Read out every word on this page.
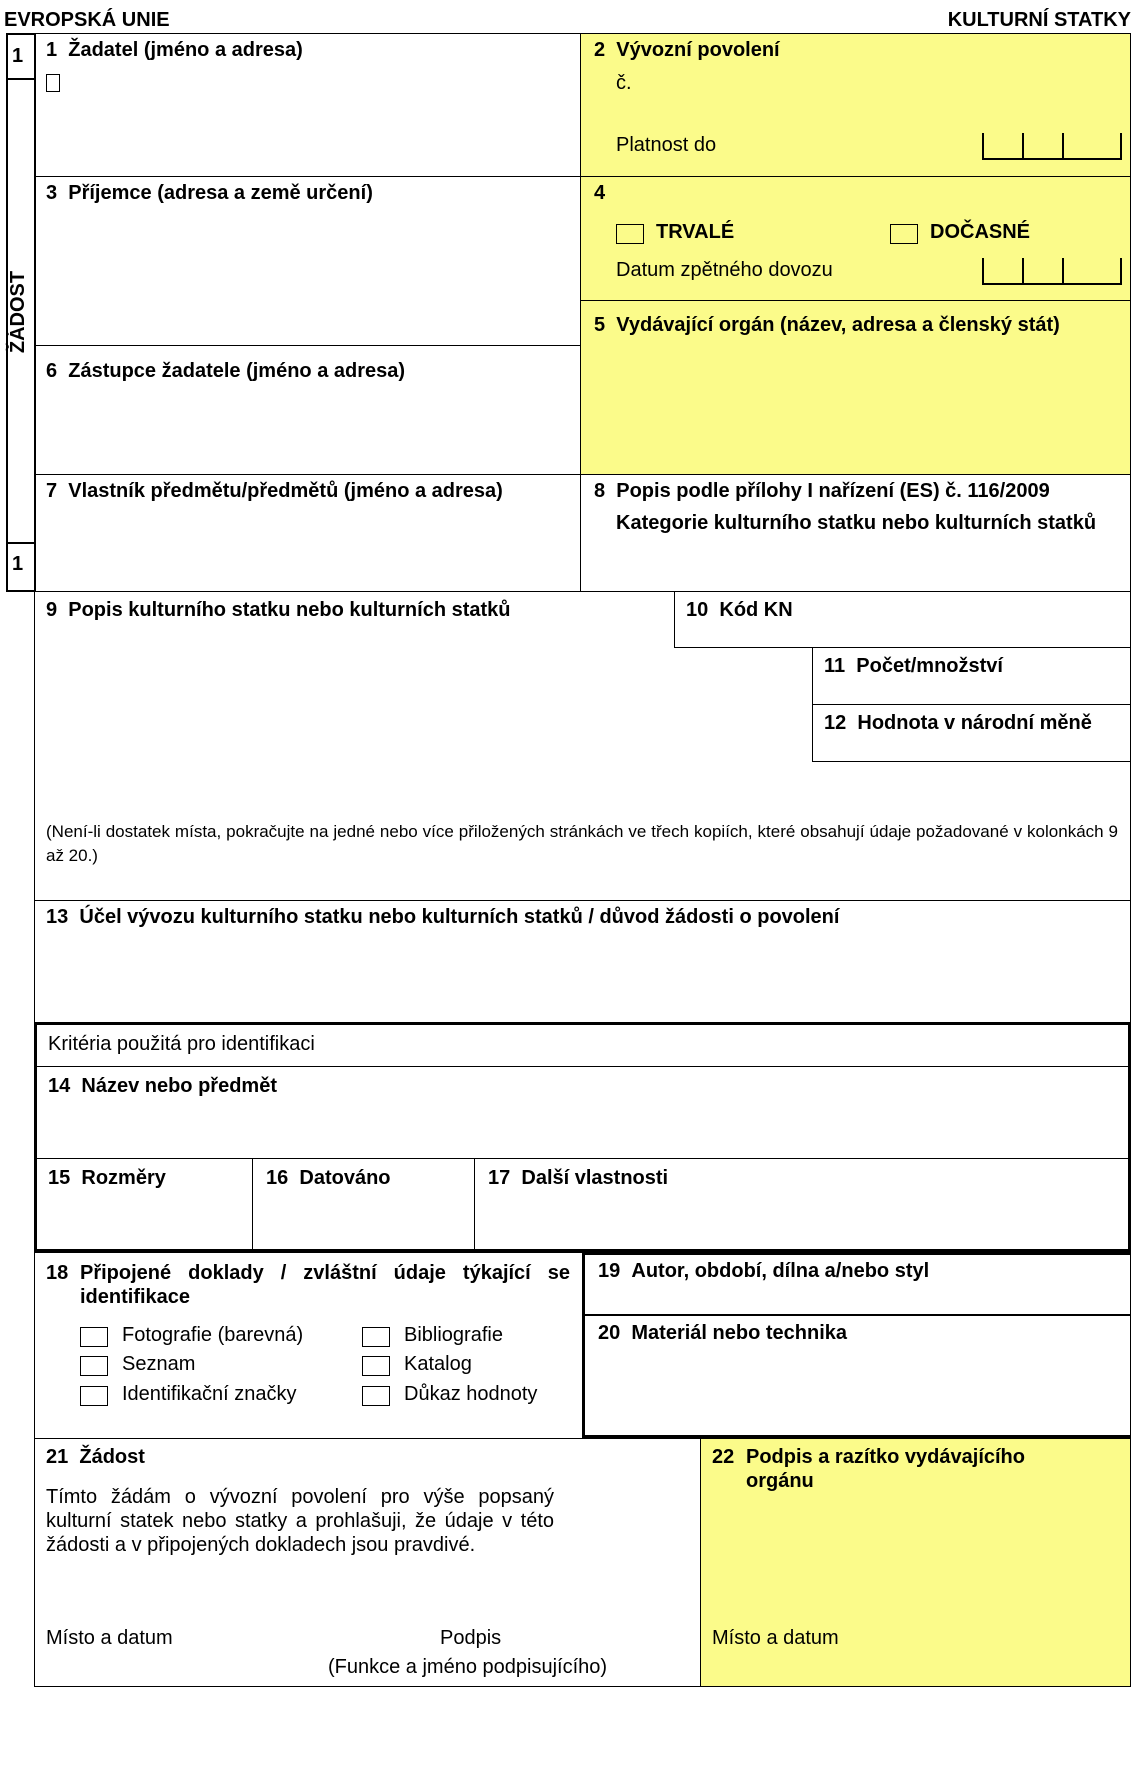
EVROPSKÁ UNIE	KULTURNÍ STATKY
1
ŽÁDOST
1
1 Žadatel (jméno a adresa)	2 Vývozní povolení
č.
Platnost do
3 Příjemce (adresa a země určení)	4
TRVALÉ	DOČASNÉ
Datum zpětného dovozu
5 Vydávající orgán (název, adresa a členský stát)
6 Zástupce žadatele (jméno a adresa)
7 Vlastník předmětu/předmětů (jméno a adresa)	8 Popis podle přílohy I nařízení (ES) č. 116/2009
Kategorie kulturního statku nebo kulturních statků
9 Popis kulturního statku nebo kulturních statků
(Není-li dostatek místa, pokračujte na jedné nebo více přiložených stránkách ve třech kopiích, které obsahují údaje požadované v kolonkách 9 až 20.)
10 Kód KN
11 Počet/množství
12 Hodnota v národní měně
13 Účel vývozu kulturního statku nebo kulturních statků / důvod žádosti o povolení
Kritéria použitá pro identifikaci
14 Název nebo předmět
15 Rozměry	16 Datováno	17 Další vlastnosti
18 Připojené doklady / zvláštní údaje týkající se identifikace
Fotografie (barevná)
Seznam
Identifikační značky
Bibliografie
Katalog
Důkaz hodnoty
19 Autor, období, dílna a/nebo styl
20 Materiál nebo technika
21 Žádost
Tímto žádám o vývozní povolení pro výše popsaný kulturní statek nebo statky a prohlašuji, že údaje v této žádosti a v připojených dokladech jsou pravdivé.
Místo a datum	Podpis
(Funkce a jméno podpisujícího)
22 Podpis a razítko vydávajícího orgánu
Místo a datum
